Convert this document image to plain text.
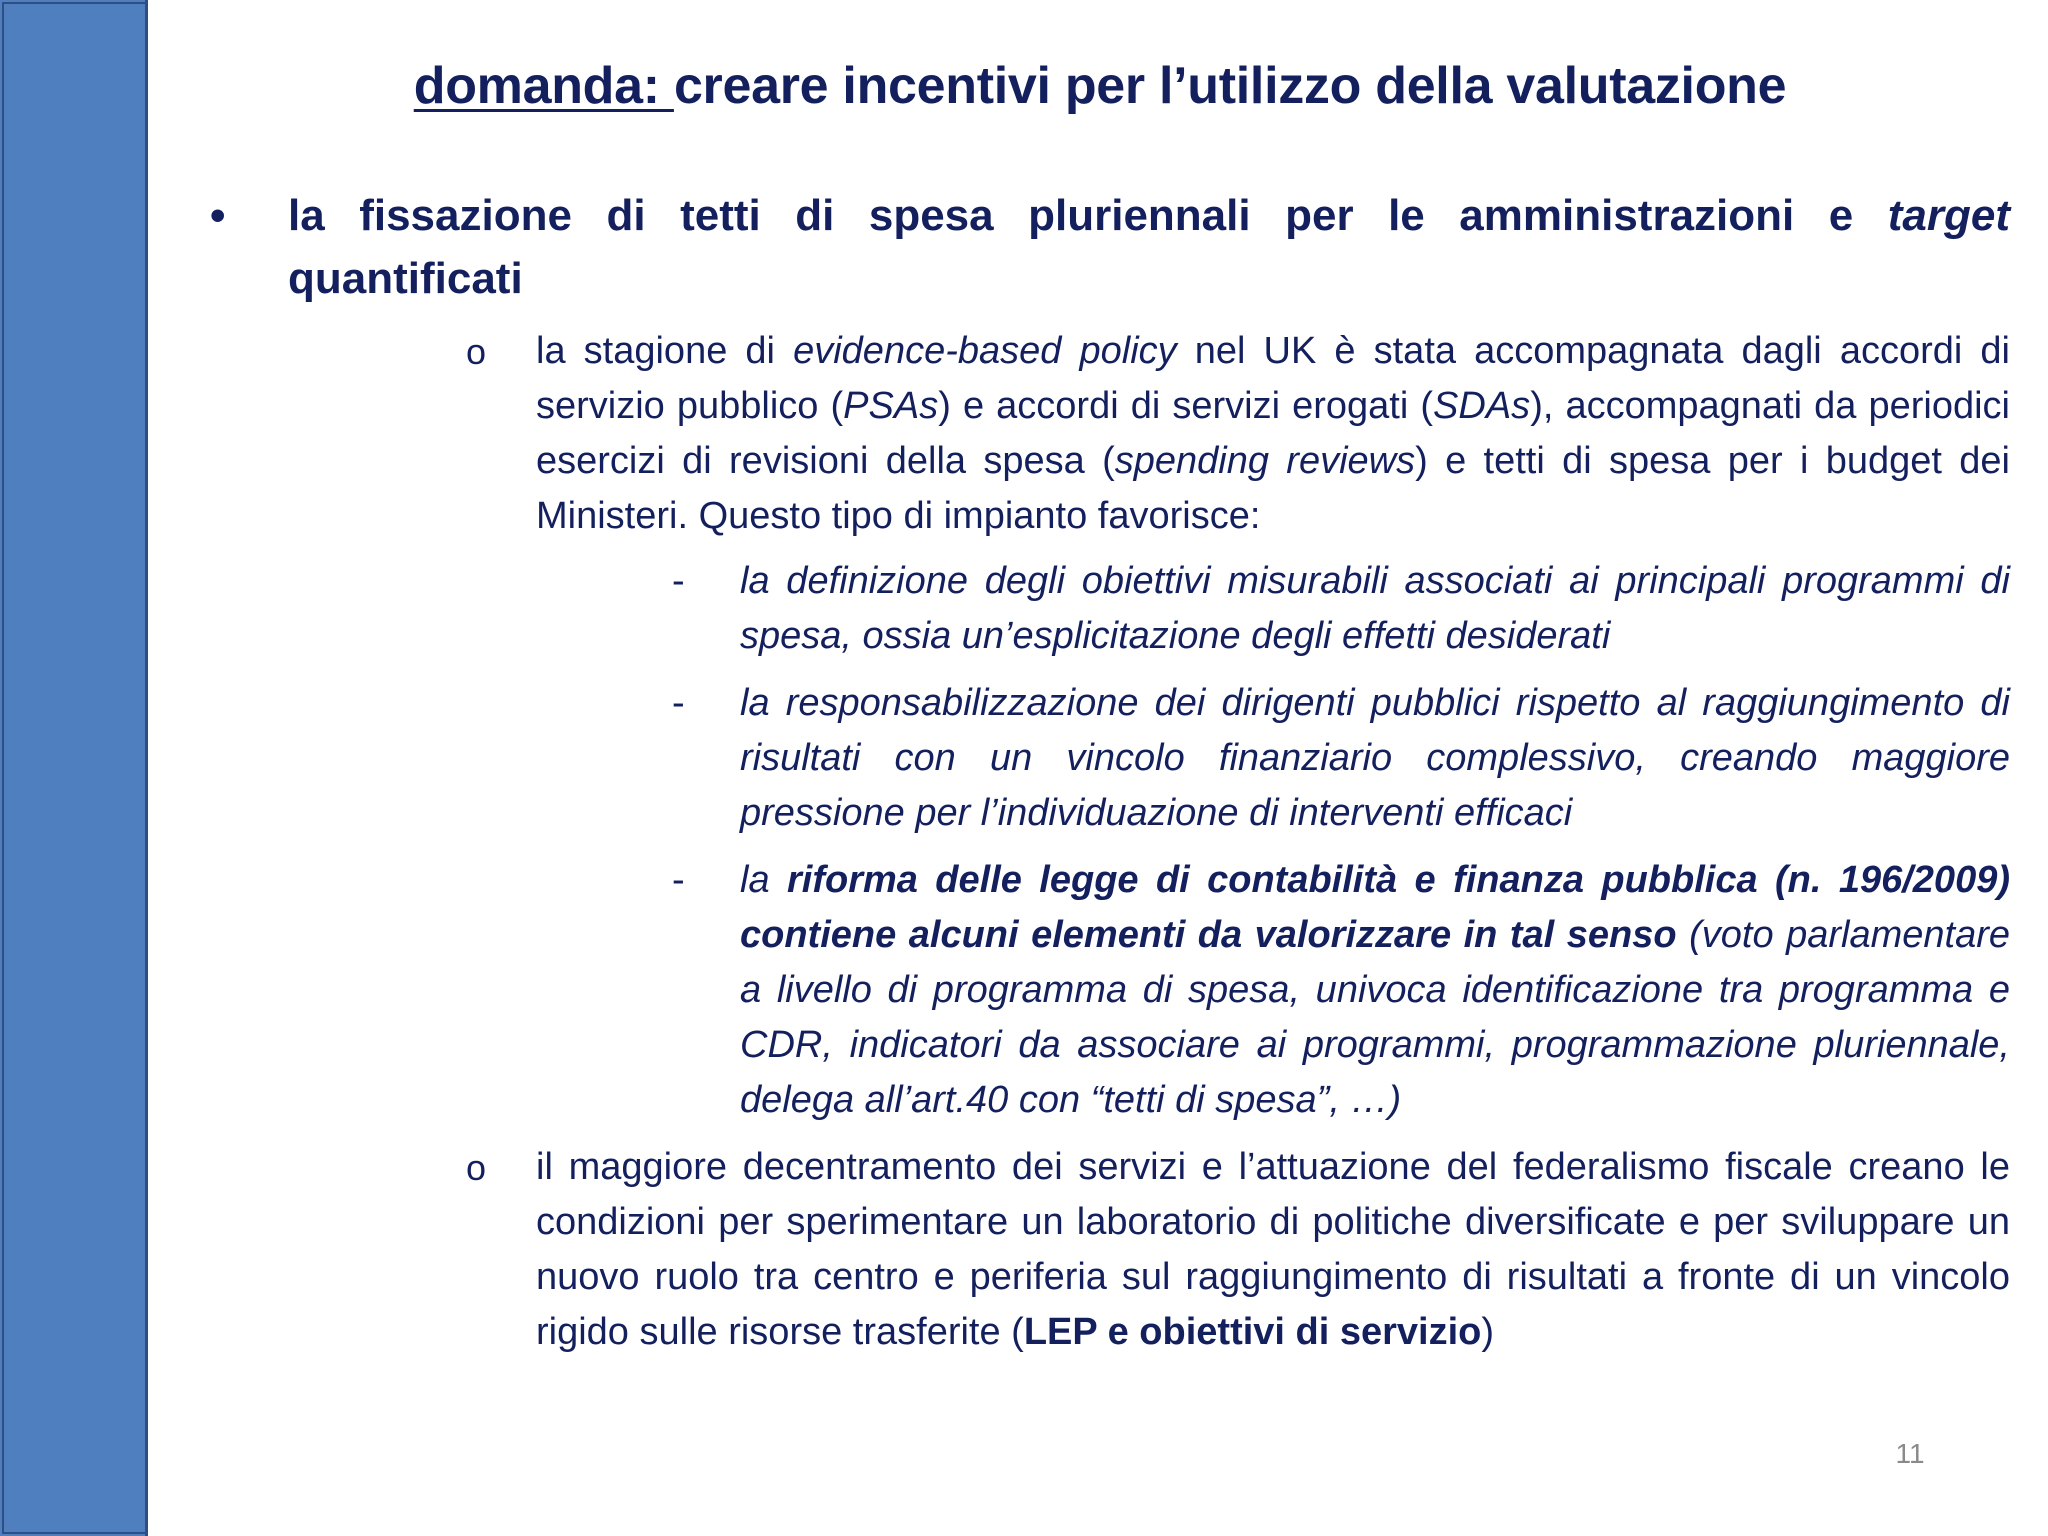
domanda: creare incentivi per l’utilizzo della valutazione
• la fissazione di tetti di spesa pluriennali per le amministrazioni e target quantificati
o la stagione di evidence-based policy nel UK è stata accompagnata dagli accordi di servizio pubblico (PSAs) e accordi di servizi erogati (SDAs), accompagnati da periodici esercizi di revisioni della spesa (spending reviews) e tetti di spesa per i budget dei Ministeri. Questo tipo di impianto favorisce:
- la definizione degli obiettivi misurabili associati ai principali programmi di spesa, ossia un’esplicitazione degli effetti desiderati
- la responsabilizzazione dei dirigenti pubblici rispetto al raggiungimento di risultati con un vincolo finanziario complessivo, creando maggiore pressione per l’individuazione di interventi efficaci
- la riforma delle legge di contabilità e finanza pubblica (n. 196/2009) contiene alcuni elementi da valorizzare in tal senso (voto parlamentare a livello di programma di spesa, univoca identificazione tra programma e CDR, indicatori da associare ai programmi, programmazione pluriennale, delega all’art.40 con “tetti di spesa”, …)
o il maggiore decentramento dei servizi e l’attuazione del federalismo fiscale creano le condizioni per sperimentare un laboratorio di politiche diversificate e per sviluppare un nuovo ruolo tra centro e periferia sul raggiungimento di risultati a fronte di un vincolo rigido sulle risorse trasferite (LEP e obiettivi di servizio)
11
